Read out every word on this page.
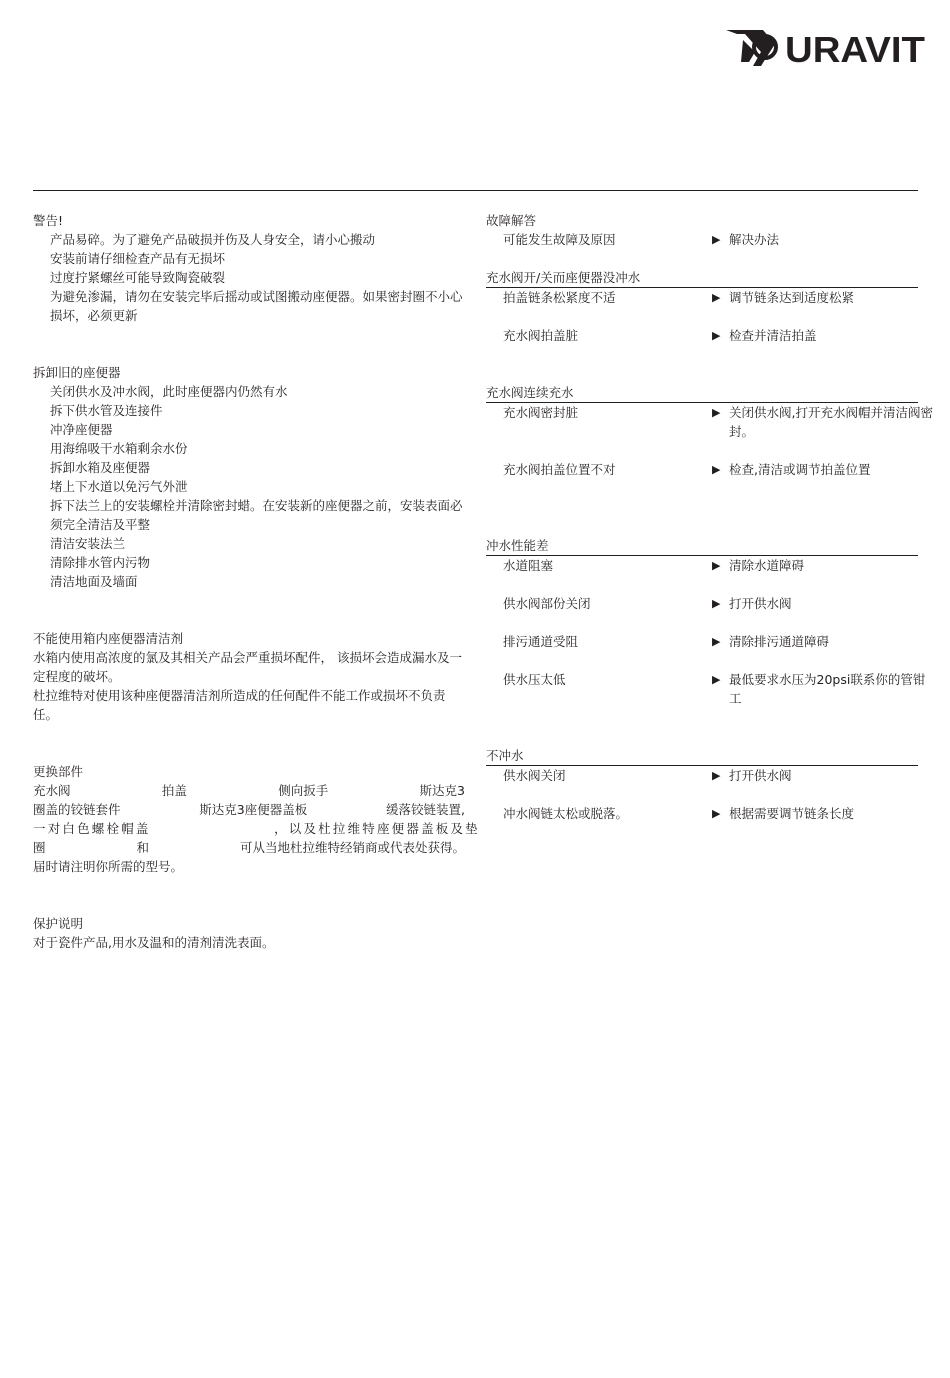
URAVIT
警告!
产品易碎。为了避免产品破损并伤及人身安全，请小心搬动
安装前请仔细检查产品有无损坏
过度拧紧螺丝可能导致陶瓷破裂
为避免渗漏，请勿在安装完毕后摇动或试图搬动座便器。如果密封圈不小心损坏，必须更新
拆卸旧的座便器
关闭供水及冲水阀，此时座便器内仍然有水
拆下供水管及连接件
冲净座便器
用海绵吸干水箱剩余水份
拆卸水箱及座便器
堵上下水道以免污气外泄
拆下法兰上的安装螺栓并清除密封蜡。在安装新的座便器之前，安装表面必须完全清洁及平整
清洁安装法兰
清除排水管内污物
清洁地面及墙面
不能使用箱内座便器清洁剂
水箱内使用高浓度的氯及其相关产品会严重损坏配件， 该损坏会造成漏水及一定程度的破坏。
杜拉维特对使用该种座便器清洁剂所造成的任何配件不能工作或损坏不负责任。
更换部件
充水阀	拍盖	侧向扳手	斯达克3
圈盖的铰链套件	斯达克3座便器盖板	缓落铰链装置,
一对白色螺栓帽盖                    ，以及杜拉维特座便器盖板及垫
圈	和	可从当地杜拉维特经销商或代表处获得。
届时请注明你所需的型号。
保护说明
对于瓷件产品,用水及温和的清剂清洗表面。
故障解答
可能发生故障及原因	▶ 解决办法
充水阀开/关而座便器没冲水
拍盖链条松紧度不适	▶ 调节链条达到适度松紧
充水阀拍盖脏	▶ 检查并清洁拍盖
充水阀连续充水
充水阀密封脏	▶ 关闭供水阀,打开充水阀帽并清洁阀密封。
充水阀拍盖位置不对	▶ 检查,清洁或调节拍盖位置
冲水性能差
水道阻塞	▶ 清除水道障碍
供水阀部份关闭	▶ 打开供水阀
排污通道受阻	▶ 清除排污通道障碍
供水压太低	▶ 最低要求水压为20psi联系你的管钳工
不冲水
供水阀关闭	▶ 打开供水阀
冲水阀链太松或脱落。	▶ 根据需要调节链条长度
